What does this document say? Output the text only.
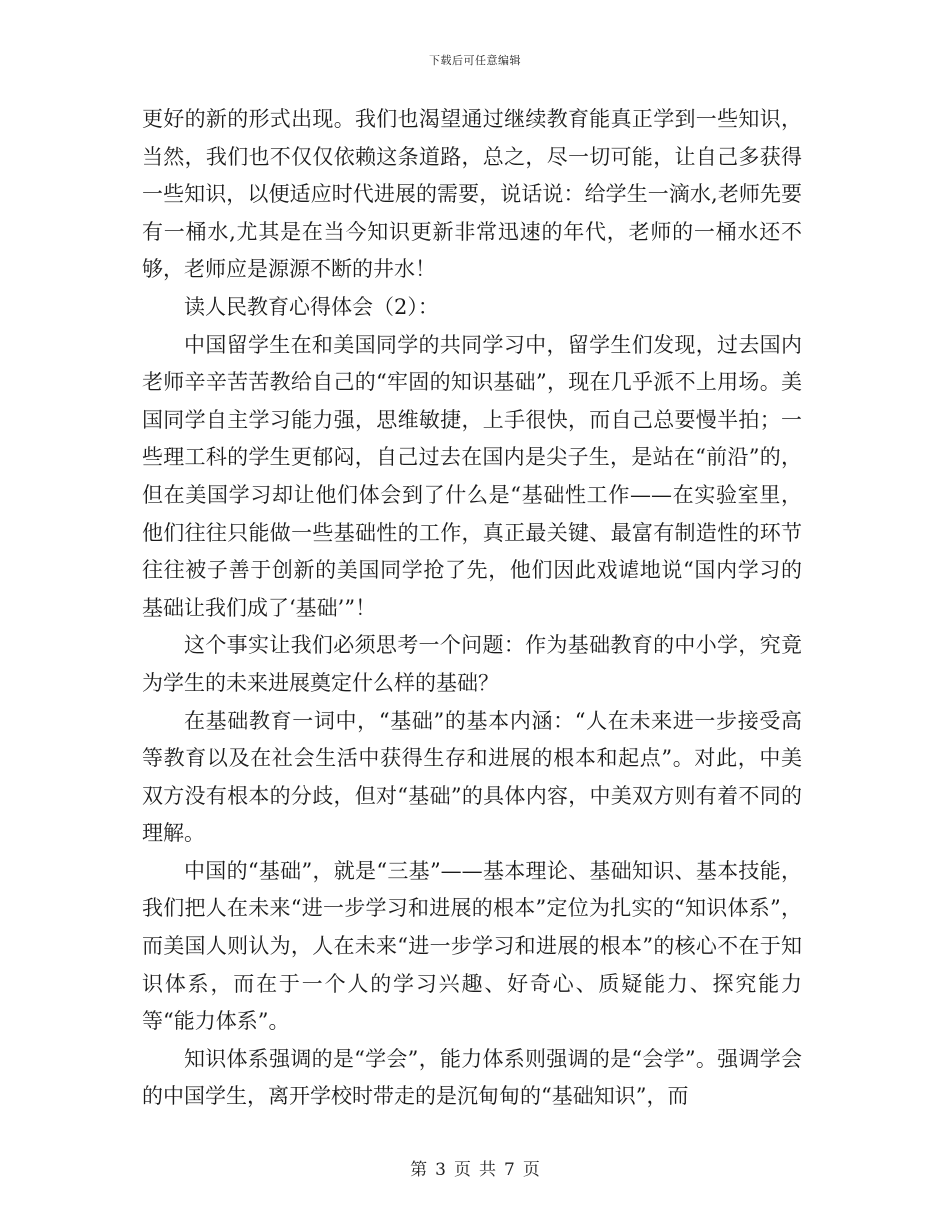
下载后可任意编辑

更好的新的形式出现。我们也渴望通过继续教育能真正学到一些知识，当然，我们也不仅仅依赖这条道路，总之，尽一切可能，让自己多获得一些知识，以便适应时代进展的需要，说话说：给学生一滴水,老师先要有一桶水,尤其是在当今知识更新非常迅速的年代，老师的一桶水还不够，老师应是源源不断的井水！

读人民教育心得体会（2）：

中国留学生在和美国同学的共同学习中，留学生们发现，过去国内老师辛辛苦苦教给自己的“牢固的知识基础”，现在几乎派不上用场。美国同学自主学习能力强，思维敏捷，上手很快，而自己总要慢半拍；一些理工科的学生更郁闷，自己过去在国内是尖子生，是站在“前沿”的，但在美国学习却让他们体会到了什么是“基础性工作——在实验室里，他们往往只能做一些基础性的工作，真正最关键、最富有制造性的环节往往被子善于创新的美国同学抢了先，他们因此戏谑地说“国内学习的基础让我们成了‘基础’”！

这个事实让我们必须思考一个问题：作为基础教育的中小学，究竟为学生的未来进展奠定什么样的基础？

在基础教育一词中，“基础”的基本内涵：“人在未来进一步接受高等教育以及在社会生活中获得生存和进展的根本和起点”。对此，中美双方没有根本的分歧，但对“基础”的具体内容，中美双方则有着不同的理解。

中国的“基础”，就是“三基”——基本理论、基础知识、基本技能，我们把人在未来“进一步学习和进展的根本”定位为扎实的“知识体系”，而美国人则认为，人在未来“进一步学习和进展的根本”的核心不在于知识体系，而在于一个人的学习兴趣、好奇心、质疑能力、探究能力等“能力体系”。

知识体系强调的是“学会”，能力体系则强调的是“会学”。强调学会的中国学生，离开学校时带走的是沉甸甸的“基础知识”，而

第 3 页 共 7 页
